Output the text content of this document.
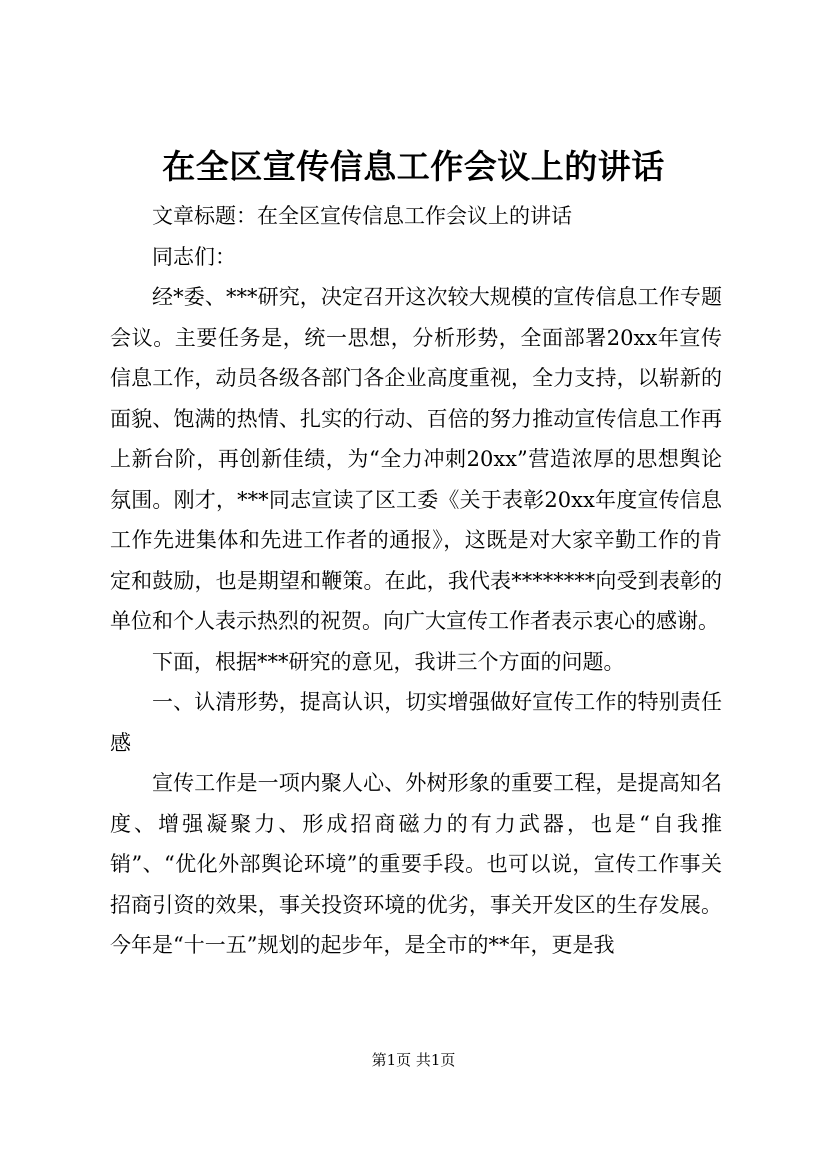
在全区宣传信息工作会议上的讲话

文章标题：在全区宣传信息工作会议上的讲话

同志们：

经*委、***研究，决定召开这次较大规模的宣传信息工作专题会议。主要任务是，统一思想，分析形势，全面部署20xx年宣传信息工作，动员各级各部门各企业高度重视，全力支持，以崭新的面貌、饱满的热情、扎实的行动、百倍的努力推动宣传信息工作再上新台阶，再创新佳绩，为“全力冲刺20xx”营造浓厚的思想舆论氛围。刚才，***同志宣读了区工委《关于表彰20xx年度宣传信息工作先进集体和先进工作者的通报》，这既是对大家辛勤工作的肯定和鼓励，也是期望和鞭策。在此，我代表********向受到表彰的单位和个人表示热烈的祝贺。向广大宣传工作者表示衷心的感谢。

下面，根据***研究的意见，我讲三个方面的问题。

一、认清形势，提高认识，切实增强做好宣传工作的特别责任感

宣传工作是一项内聚人心、外树形象的重要工程，是提高知名度、增强凝聚力、形成招商磁力的有力武器，也是“自我推销”、“优化外部舆论环境”的重要手段。也可以说，宣传工作事关招商引资的效果，事关投资环境的优劣，事关开发区的生存发展。今年是“十一五”规划的起步年，是全市的**年，更是我

第1页 共1页
